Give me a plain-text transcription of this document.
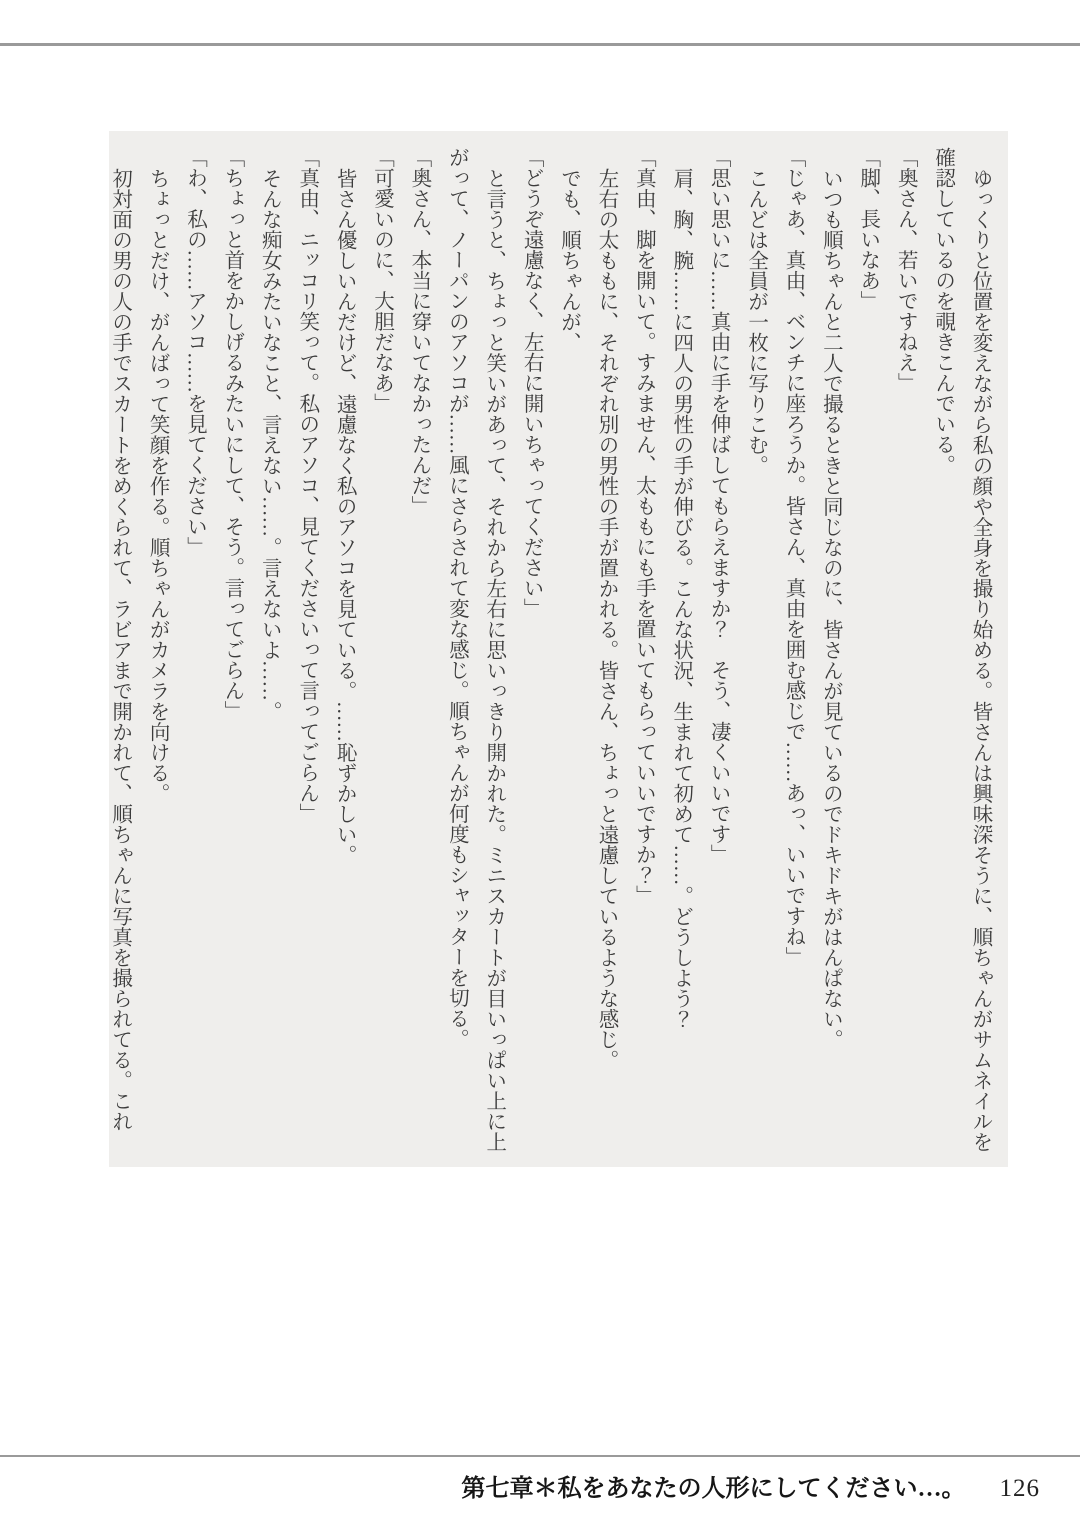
ゆっくりと位置を変えながら私の顔や全身を撮り始める。皆さんは興味深そうに、順ちゃんがサムネイルを確認しているのを覗きこんでいる。

「奥さん、若いですねえ」

「脚、長いなあ」

いつも順ちゃんと二人で撮るときと同じなのに、皆さんが見ているのでドキドキがはんぱない。

「じゃあ、真由、ベンチに座ろうか。皆さん、真由を囲む感じで……あっ、いいですね」

こんどは全員が一枚に写りこむ。

「思い思いに……真由に手を伸ばしてもらえますか？　そう、凄くいいです」

肩、胸、腕……に四人の男性の手が伸びる。こんな状況、生まれて初めて……。どうしよう？

「真由、脚を開いて。すみません、太ももにも手を置いてもらっていいですか？」

左右の太ももに、それぞれ別の男性の手が置かれる。皆さん、ちょっと遠慮しているような感じ。

でも、順ちゃんが、

「どうぞ遠慮なく、左右に開いちゃってください」

と言うと、ちょっと笑いがあって、それから左右に思いっきり開かれた。ミニスカートが目いっぱい上に上がって、ノーパンのアソコが……風にさらされて変な感じ。順ちゃんが何度もシャッターを切る。

「奥さん、本当に穿いてなかったんだ」

「可愛いのに、大胆だなあ」

皆さん優しいんだけど、遠慮なく私のアソコを見ている。……恥ずかしい。

「真由、ニッコリ笑って。私のアソコ、見てくださいって言ってごらん」

そんな痴女みたいなこと、言えない……。言えないよ……。

「ちょっと首をかしげるみたいにして、そう。言ってごらん」

「わ、私の……アソコ……を見てください」

ちょっとだけ、がんばって笑顔を作る。順ちゃんがカメラを向ける。

初対面の男の人の手でスカートをめくられて、ラビアまで開かれて、順ちゃんに写真を撮られてる。これ

第七章＊私をあなたの人形にしてください…。 126
